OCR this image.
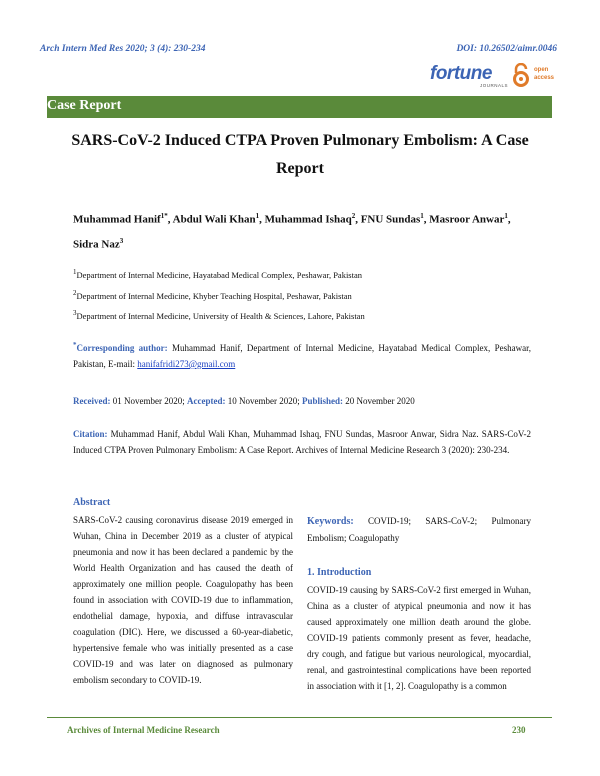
Arch Intern Med Res 2020; 3 (4): 230-234	DOI: 10.26502/aimr.0046
fortune
JOURNALS
open
access
Case Report
SARS-CoV-2 Induced CTPA Proven Pulmonary Embolism: A Case Report
Muhammad Hanif$^{1*}$, Abdul Wali Khan$^1$, Muhammad Ishaq$^2$, FNU Sundas$^1$, Masroor Anwar$^1$, Sidra Naz$^3$
$^1$Department of Internal Medicine, Hayatabad Medical Complex, Peshawar, Pakistan
$^2$Department of Internal Medicine, Khyber Teaching Hospital, Peshawar, Pakistan
$^3$Department of Internal Medicine, University of Health & Sciences, Lahore, Pakistan
*Corresponding author: Muhammad Hanif, Department of Internal Medicine, Hayatabad Medical Complex, Peshawar, Pakistan, E-mail: hanifafridi273@gmail.com
Received: 01 November 2020; Accepted: 10 November 2020; Published: 20 November 2020
Citation: Muhammad Hanif, Abdul Wali Khan, Muhammad Ishaq, FNU Sundas, Masroor Anwar, Sidra Naz. SARS-CoV-2 Induced CTPA Proven Pulmonary Embolism: A Case Report. Archives of Internal Medicine Research 3 (2020): 230-234.
Abstract
SARS-CoV-2 causing coronavirus disease 2019 emerged in Wuhan, China in December 2019 as a cluster of atypical pneumonia and now it has been declared a pandemic by the World Health Organization and has caused the death of approximately one million people. Coagulopathy has been found in association with COVID-19 due to inflammation, endothelial damage, hypoxia, and diffuse intravascular coagulation (DIC). Here, we discussed a 60-year-diabetic, hypertensive female who was initially presented as a case COVID-19 and was later on diagnosed as pulmonary embolism secondary to COVID-19.
Keywords: COVID-19; SARS-CoV-2; Pulmonary Embolism; Coagulopathy
1. Introduction
COVID-19 causing by SARS-CoV-2 first emerged in Wuhan, China as a cluster of atypical pneumonia and now it has caused approximately one million death around the globe. COVID-19 patients commonly present as fever, headache, dry cough, and fatigue but various neurological, myocardial, renal, and gastrointestinal complications have been reported in association with it [1, 2]. Coagulopathy is a common
Archives of Internal Medicine Research	230
